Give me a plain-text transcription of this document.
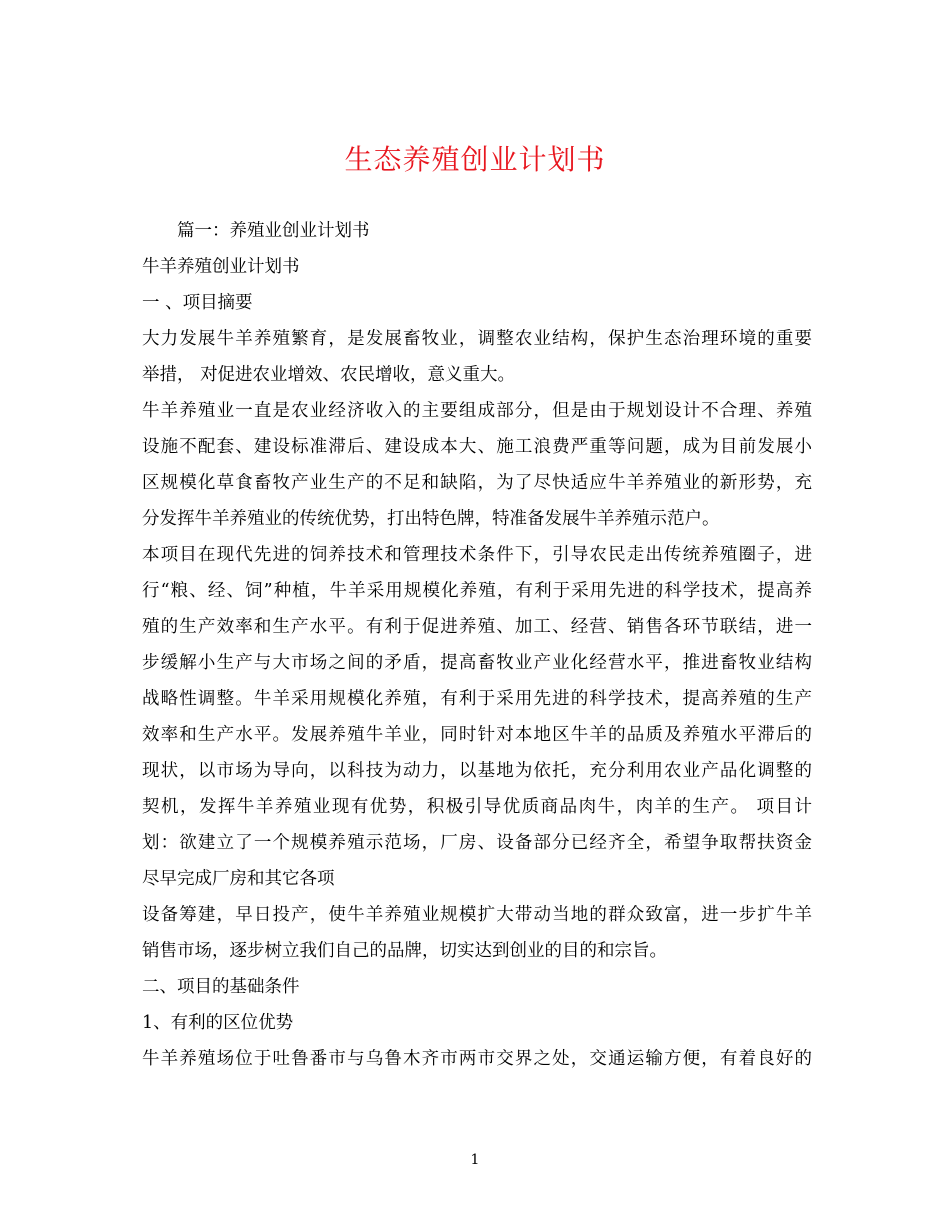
生态养殖创业计划书
篇一：养殖业创业计划书
牛羊养殖创业计划书
一 、项目摘要
大力发展牛羊养殖繁育，是发展畜牧业，调整农业结构，保护生态治理环境的重要
举措， 对促进农业增效、农民增收，意义重大。
牛羊养殖业一直是农业经济收入的主要组成部分，但是由于规划设计不合理、养殖
设施不配套、建设标准滞后、建设成本大、施工浪费严重等问题，成为目前发展小
区规模化草食畜牧产业生产的不足和缺陷，为了尽快适应牛羊养殖业的新形势，充
分发挥牛羊养殖业的传统优势，打出特色牌，特准备发展牛羊养殖示范户。
本项目在现代先进的饲养技术和管理技术条件下，引导农民走出传统养殖圈子，进
行“粮、经、饲”种植，牛羊采用规模化养殖，有利于采用先进的科学技术，提高养
殖的生产效率和生产水平。有利于促进养殖、加工、经营、销售各环节联结，进一
步缓解小生产与大市场之间的矛盾，提高畜牧业产业化经营水平，推进畜牧业结构
战略性调整。牛羊采用规模化养殖，有利于采用先进的科学技术，提高养殖的生产
效率和生产水平。发展养殖牛羊业，同时针对本地区牛羊的品质及养殖水平滞后的
现状，以市场为导向，以科技为动力，以基地为依托，充分利用农业产品化调整的
契机，发挥牛羊养殖业现有优势，积极引导优质商品肉牛，肉羊的生产。 项目计
划：欲建立了一个规模养殖示范场，厂房、设备部分已经齐全，希望争取帮扶资金
尽早完成厂房和其它各项
设备筹建，早日投产，使牛羊养殖业规模扩大带动当地的群众致富，进一步扩牛羊
销售市场，逐步树立我们自己的品牌，切实达到创业的目的和宗旨。
二、项目的基础条件
1、有利的区位优势
牛羊养殖场位于吐鲁番市与乌鲁木齐市两市交界之处，交通运输方便，有着良好的
1
